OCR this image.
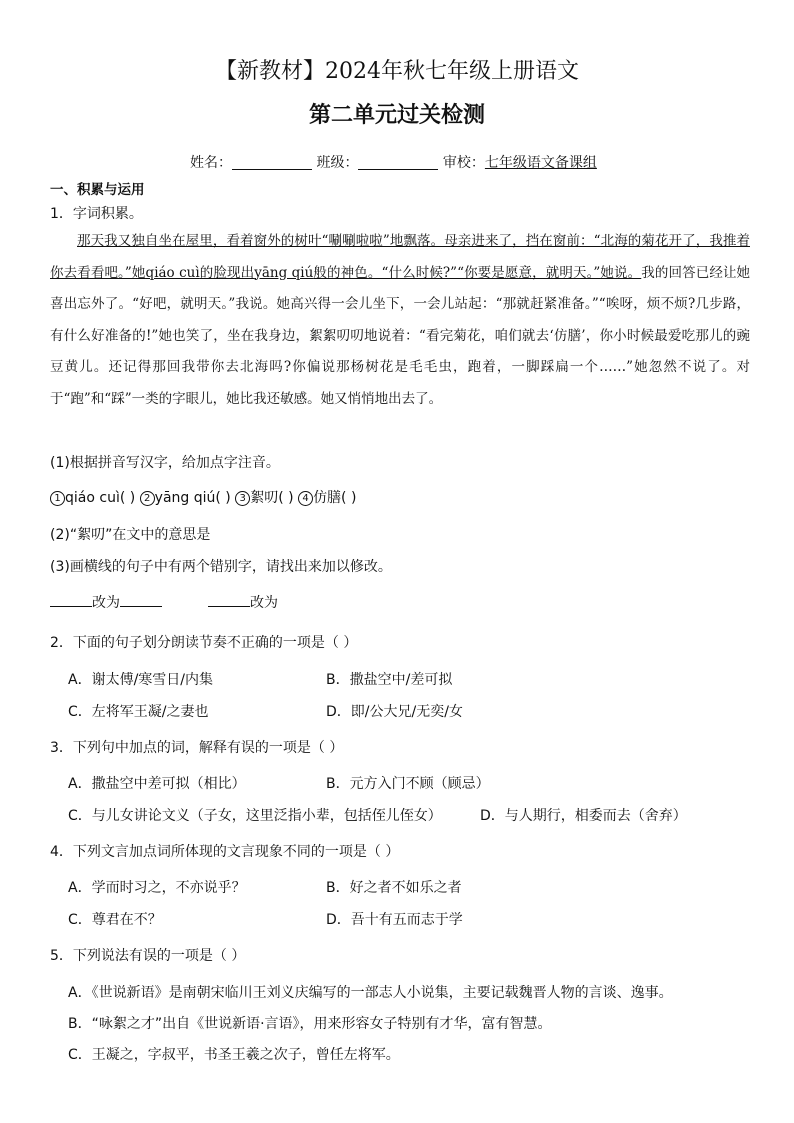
【新教材】2024年秋七年级上册语文
第二单元过关检测
姓名：	班级：	审校：七年级语文备课组
一、积累与运用
1．字词积累。
那天我又独自坐在屋里，看着窗外的树叶“唰唰啦啦”地飘落。母亲进来了，挡在窗前：“北海的菊花开了，我推着你去看看吧。”她qiáo cuì的脸现出yāng qiú般的神色。“什么时候?”“你要是愿意，就明天。”她说。我的回答已经让她喜出忘外了。“好吧，就明天。”我说。她高兴得一会儿坐下，一会儿站起：“那就赶紧准备。”“唉呀，烦不烦?几步路，有什么好准备的!”她也笑了，坐在我身边，絮絮叨叨地说着：“看完菊花，咱们就去‘仿膳’，你小时候最爱吃那儿的豌豆黄儿。还记得那回我带你去北海吗?你偏说那杨树花是毛毛虫，跑着，一脚踩扁一个……”她忽然不说了。对于“跑”和“踩”一类的字眼儿，她比我还敏感。她又悄悄地出去了。
(1)根据拼音写汉字，给加点字注音。
1 qiáo cuì( ) 2 yāng qiú( ) 3 絮叨( ) 4 仿膳( )
(2)“絮叨”在文中的意思是
(3)画横线的句子中有两个错别字，请找出来加以修改。
改为	改为
2．下面的句子划分朗读节奏不正确的一项是（ ）
A．谢太傅/寒雪日/内集	B．撒盐空中/差可拟
C．左将军王凝/之妻也	D．即/公大兄/无奕/女
3．下列句中加点的词，解释有误的一项是（ ）
A．撒盐空中差可拟（相比）	B．元方入门不顾（顾忌）
C．与儿女讲论文义（子女，这里泛指小辈，包括侄儿侄女）	D．与人期行，相委而去（舍弃）
4．下列文言加点词所体现的文言现象不同的一项是（ ）
A．学而时习之，不亦说乎？	B．好之者不如乐之者
C．尊君在不？	D．吾十有五而志于学
5．下列说法有误的一项是（ ）
A．《世说新语》是南朝宋临川王刘义庆编写的一部志人小说集，主要记载魏晋人物的言谈、逸事。
B．“咏絮之才”出自《世说新语·言语》，用来形容女子特别有才华，富有智慧。
C．王凝之，字叔平，书圣王羲之次子，曾任左将军。
